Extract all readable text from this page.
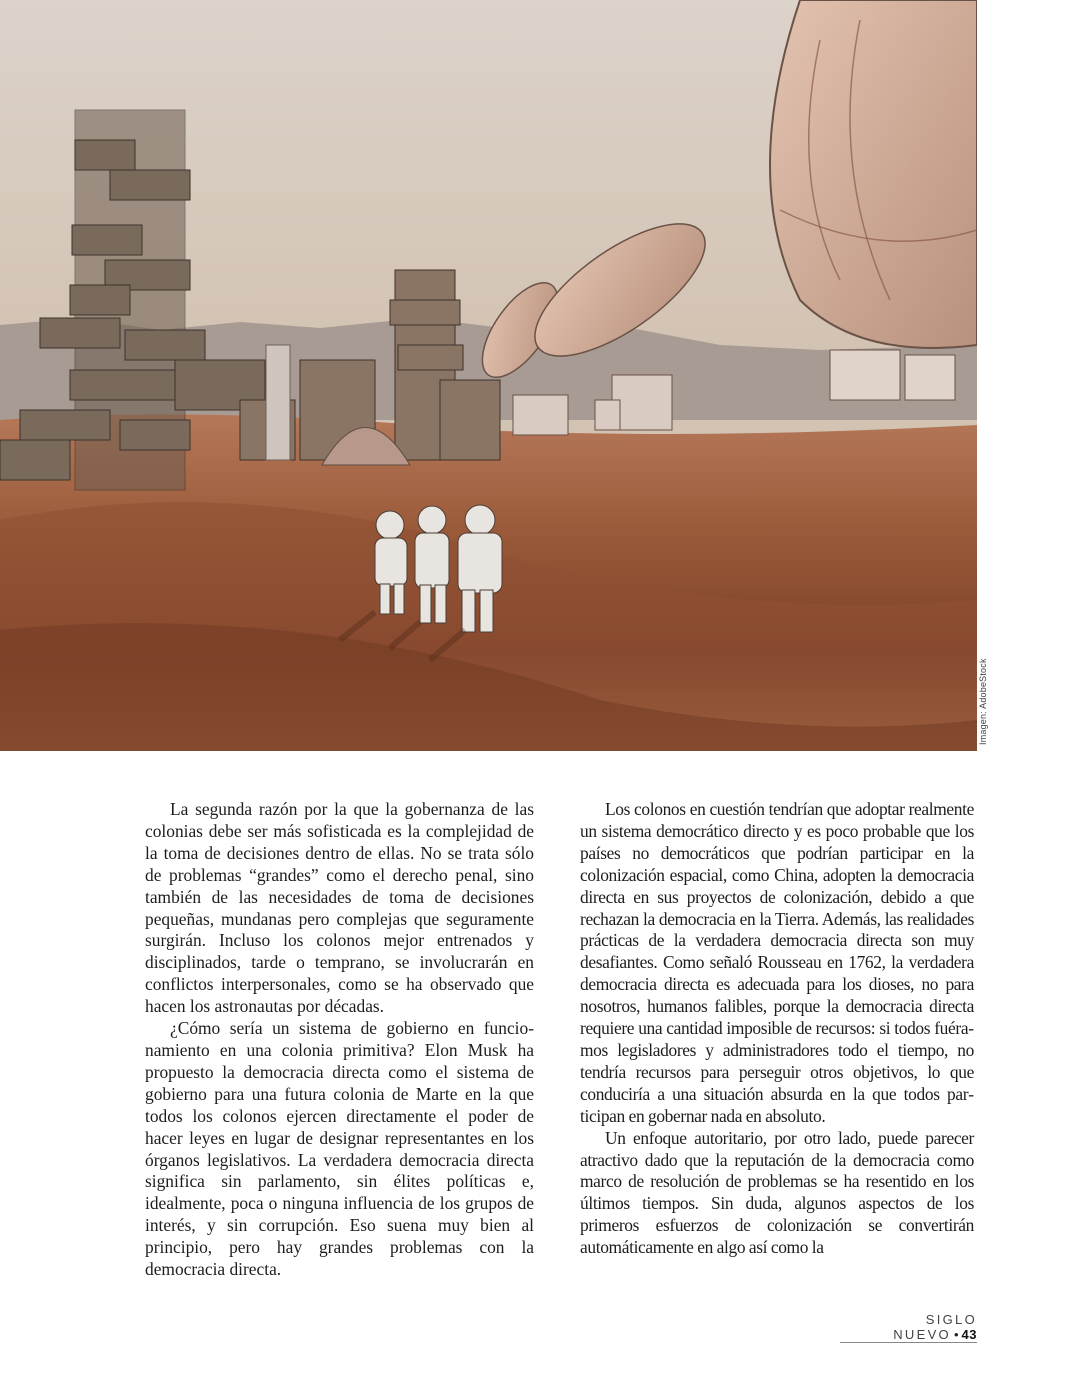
Imagen: AdobeStock

La segunda razón por la que la gobernanza de las colonias debe ser más sofisticada es la complejidad de la toma de decisiones dentro de ellas. No se trata sólo de problemas “grandes” como el derecho penal, sino también de las necesidades de toma de decisiones pequeñas, mundanas pero complejas que seguramente surgirán. Incluso los colonos mejor entrenados y disciplinados, tarde o temprano, se involucrarán en conflictos interpersonales, como se ha observado que hacen los astronautas por décadas.

¿Cómo sería un sistema de gobierno en funcionamiento en una colonia primitiva? Elon Musk ha propuesto la democracia directa como el sistema de gobierno para una futura colonia de Marte en la que todos los colonos ejercen directamente el poder de hacer leyes en lugar de designar representantes en los órganos legislativos. La verdadera democracia directa significa sin parlamento, sin élites políticas e, idealmente, poca o ninguna influencia de los grupos de interés, y sin corrupción. Eso suena muy bien al principio, pero hay grandes problemas con la democracia directa.

Los colonos en cuestión tendrían que adoptar realmente un sistema democrático directo y es poco probable que los países no democráticos que podrían participar en la colonización espacial, como China, adopten la democracia directa en sus proyectos de colonización, debido a que rechazan la democracia en la Tierra. Además, las realidades prácticas de la verdadera democracia directa son muy desafiantes. Como señaló Rousseau en 1762, la verdadera democracia directa es adecuada para los dioses, no para nosotros, humanos falibles, porque la democracia directa requiere una cantidad imposible de recursos: si todos fuéramos legisladores y administradores todo el tiempo, no tendría recursos para perseguir otros objetivos, lo que conduciría a una situación absurda en la que todos participan en gobernar nada en absoluto.

Un enfoque autoritario, por otro lado, puede parecer atractivo dado que la reputación de la democracia como marco de resolución de problemas se ha resentido en los últimos tiempos. Sin duda, algunos aspectos de los primeros esfuerzos de colonización se convertirán automáticamente en algo así como la

SIGLO NUEVO • 43
